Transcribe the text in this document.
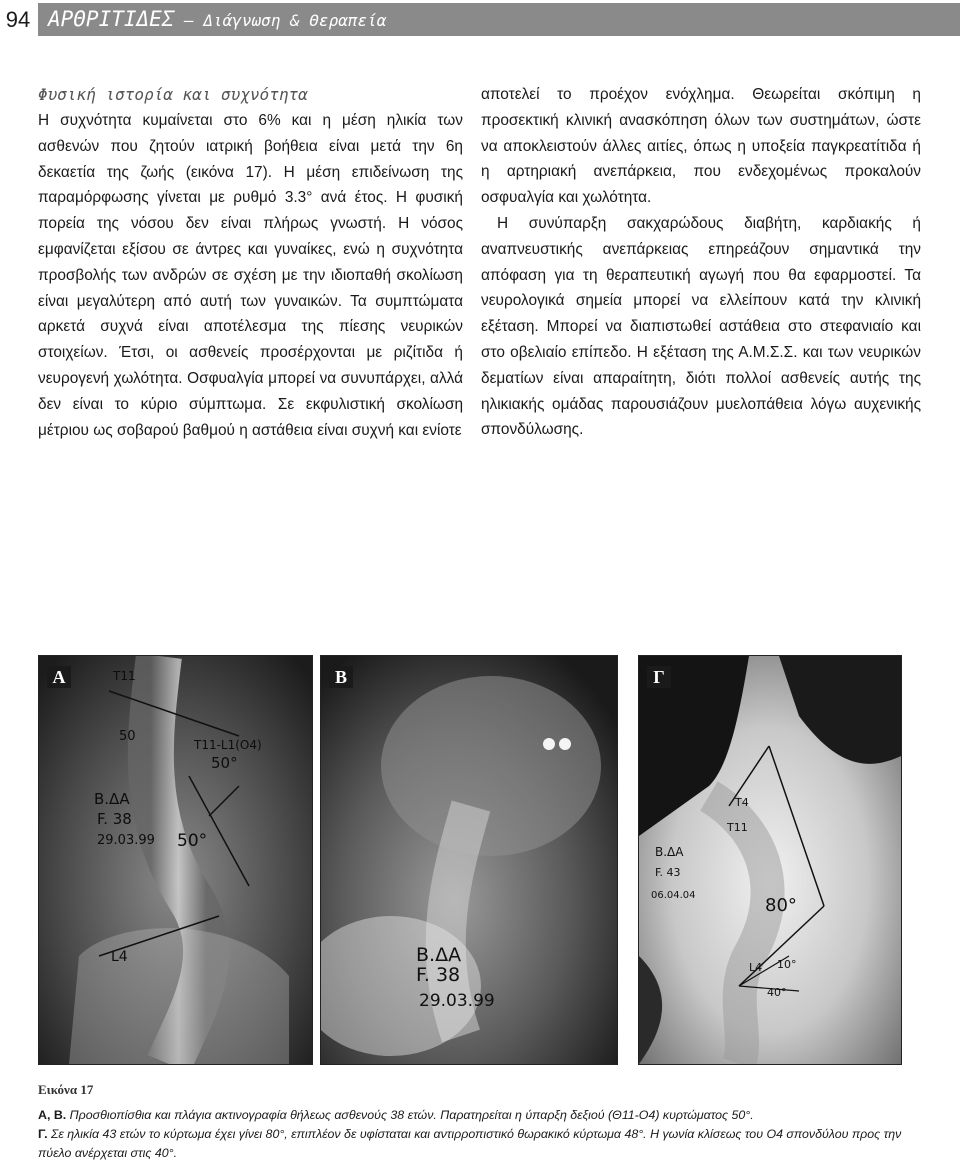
94 ΑΡΘΡΙΤΙΔΕΣ – Διάγνωση & Θεραπεία
Φυσική ιστορία και συχνότητα

Η συχνότητα κυμαίνεται στο 6% και η μέση ηλικία των ασθενών που ζητούν ιατρική βοήθεια είναι μετά την 6η δεκαετία της ζωής (εικόνα 17). Η μέση επιδείνωση της παραμόρφωσης γίνεται με ρυθμό 3.3° ανά έτος. Η φυσική πορεία της νόσου δεν είναι πλήρως γνωστή. Η νόσος εμφανίζεται εξίσου σε άντρες και γυναίκες, ενώ η συχνότητα προσβολής των ανδρών σε σχέση με την ιδιοπαθή σκολίωση είναι μεγαλύτερη από αυτή των γυναικών. Τα συμπτώματα αρκετά συχνά είναι αποτέλεσμα της πίεσης νευρικών στοιχείων. Έτσι, οι ασθενείς προσέρχονται με ριζίτιδα ή νευρογενή χωλότητα. Οσφυαλγία μπορεί να συνυπάρχει, αλλά δεν είναι το κύριο σύμπτωμα. Σε εκφυλιστική σκολίωση μέτριου ως σοβαρού βαθμού η αστάθεια είναι συχνή και ενίοτε

αποτελεί το προέχον ενόχλημα. Θεωρείται σκόπιμη η προσεκτική κλινική ανασκόπηση όλων των συστημάτων, ώστε να αποκλειστούν άλλες αιτίες, όπως η υποξεία παγκρεατίτιδα ή η αρτηριακή ανεπάρκεια, που ενδεχομένως προκαλούν οσφυαλγία και χωλότητα.

Η συνύπαρξη σακχαρώδους διαβήτη, καρδιακής ή αναπνευστικής ανεπάρκειας επηρεάζουν σημαντικά την απόφαση για τη θεραπευτική αγωγή που θα εφαρμοστεί. Τα νευρολογικά σημεία μπορεί να ελλείπουν κατά την κλινική εξέταση. Μπορεί να διαπιστωθεί αστάθεια στο στεφανιαίο και στο οβελιαίο επίπεδο. Η εξέταση της Α.Μ.Σ.Σ. και των νευρικών δεματίων είναι απαραίτητη, διότι πολλοί ασθενείς αυτής της ηλικιακής ομάδας παρουσιάζουν μυελοπάθεια λόγω αυχενικής σπονδύλωσης.

Τ11
50
Τ11-L1(Ο4)
50°
Β.ΔΑ
F. 38
29.03.99 50°
L4
Α
Β.ΔΑ
F. 38
29.03.99
Β
Τ4
Τ11
Β.ΔΑ
F. 43
06.04.04	80°
L4 10°
40°
Γ
Εικόνα 17
Α, Β. Προσθιοπίσθια και πλάγια ακτινογραφία θήλεως ασθενούς 38 ετών. Παρατηρείται η ύπαρξη δεξιού (Θ11-Ο4) κυρτώματος 50°.
Γ. Σε ηλικία 43 ετών το κύρτωμα έχει γίνει 80°, επιπλέον δε υφίσταται και αντιρροπιστικό θωρακικό κύρτωμα 48°. Η γωνία κλίσεως του Ο4 σπονδύλου προς την πύελο ανέρχεται στις 40°.
